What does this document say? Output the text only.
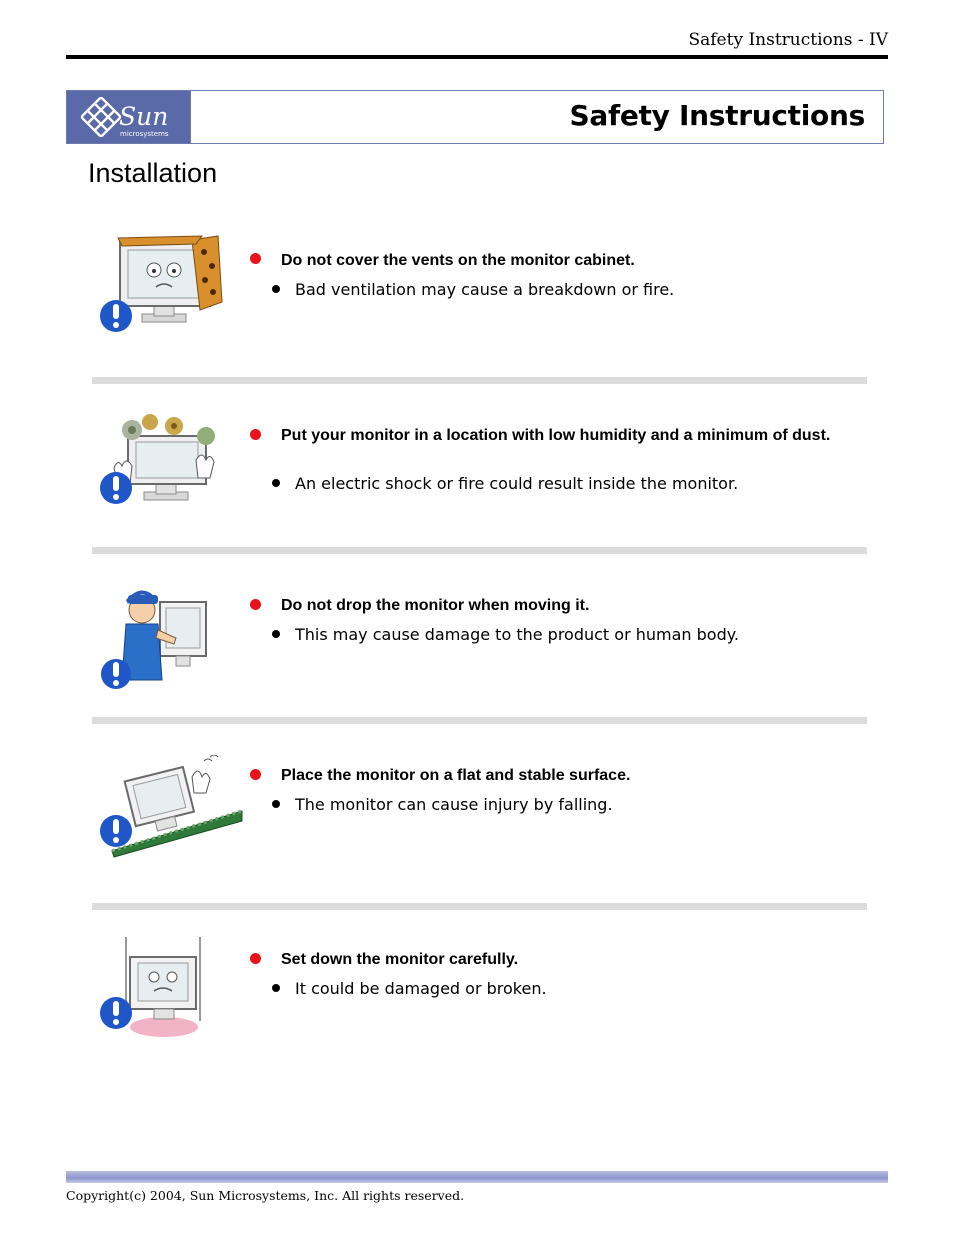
Safety Instructions - IV
Sun
microsystems
Safety Instructions
Installation
Do not cover the vents on the monitor cabinet.
Bad ventilation may cause a breakdown or fire.
Put your monitor in a location with low humidity and a minimum of dust.
An electric shock or fire could result inside the monitor.
Do not drop the monitor when moving it.
This may cause damage to the product or human body.
Place the monitor on a flat and stable surface.
The monitor can cause injury by falling.
Set down the monitor carefully.
It could be damaged or broken.
Copyright(c) 2004, Sun Microsystems, Inc. All rights reserved.
